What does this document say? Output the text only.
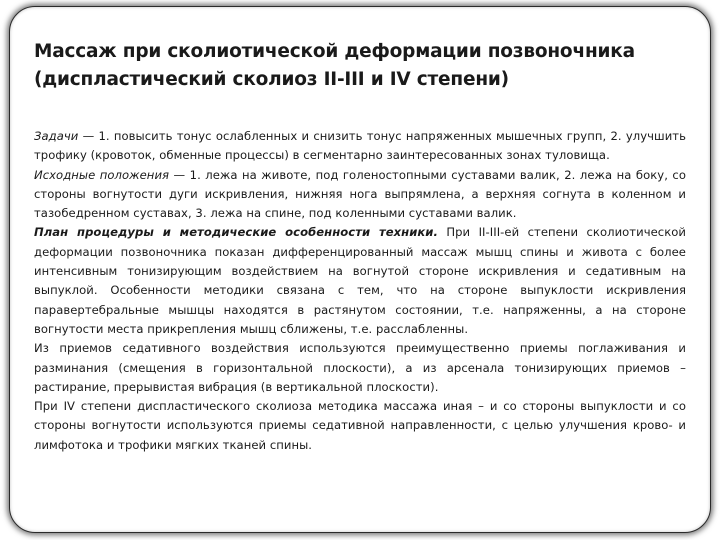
Массаж при сколиотической деформации позвоночника
(диспластический сколиоз II-III и IV степени)

Задачи — 1. повысить тонус ослабленных и снизить тонус напряженных мышечных групп, 2. улучшить трофику (кровоток, обменные процессы) в сегментарно заинтересованных зонах туловища.

Исходные положения — 1. лежа на животе, под голеностопными суставами валик, 2. лежа на боку, со стороны вогнутости дуги искривления, нижняя нога выпрямлена, а верхняя согнута в коленном и тазобедренном суставах, 3. лежа на спине, под коленными суставами валик.

План процедуры и методические особенности техники. При II-III-ей степени сколиотической деформации позвоночника показан дифференцированный массаж мышц спины и живота с более интенсивным тонизирующим воздействием на вогнутой стороне искривления и седативным на выпуклой. Особенности методики связана с тем, что на стороне выпуклости искривления паравертебральные мышцы находятся в растянутом состоянии, т.е. напряженны, а на стороне вогнутости места прикрепления мышц сближены, т.е. расслабленны.

Из приемов седативного воздействия используются преимущественно приемы поглаживания и разминания (смещения в горизонтальной плоскости), а из арсенала тонизирующих приемов – растирание, прерывистая вибрация (в вертикальной плоскости).

При IV степени диспластического сколиоза методика массажа иная – и со стороны выпуклости и со стороны вогнутости используются приемы седативной направленности, с целью улучшения крово- и лимфотока и трофики мягких тканей спины.
